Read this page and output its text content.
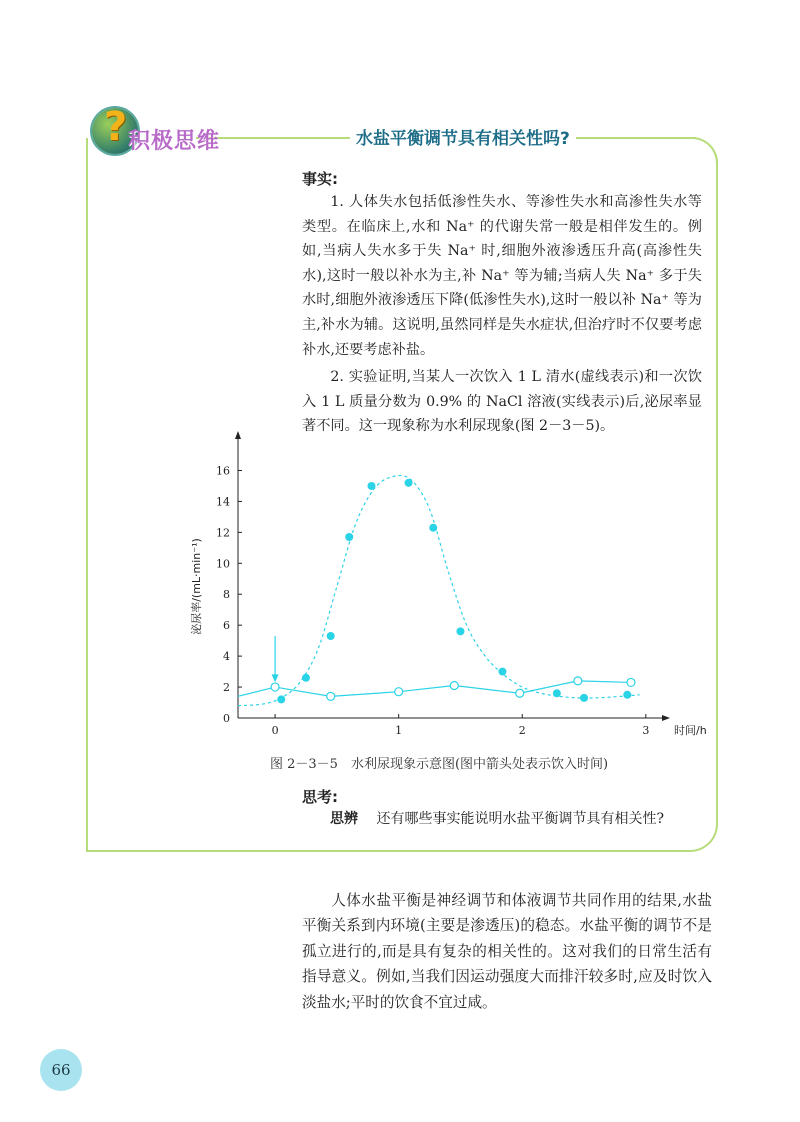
? 积极思维	水盐平衡调节具有相关性吗?
事实:

1. 人体失水包括低渗性失水、等渗性失水和高渗性失水等类型。在临床上,水和 Na⁺ 的代谢失常一般是相伴发生的。例如,当病人失水多于失 Na⁺ 时,细胞外液渗透压升高(高渗性失水),这时一般以补水为主,补 Na⁺ 等为辅;当病人失 Na⁺ 多于失水时,细胞外液渗透压下降(低渗性失水),这时一般以补 Na⁺ 等为主,补水为辅。这说明,虽然同样是失水症状,但治疗时不仅要考虑补水,还要考虑补盐。

2. 实验证明,当某人一次饮入 1 L 清水(虚线表示)和一次饮入 1 L 质量分数为 0.9% 的 NaCl 溶液(实线表示)后,泌尿率显著不同。这一现象称为水利尿现象(图 2－3－5)。

0
2
4
6
8
10
12
14
16
0	1	2	3 时间/h
泌尿率/(mL·min⁻¹)
图 2－3－5　水利尿现象示意图(图中箭头处表示饮入时间)
思考:
思辨 还有哪些事实能说明水盐平衡调节具有相关性?

人体水盐平衡是神经调节和体液调节共同作用的结果,水盐平衡关系到内环境(主要是渗透压)的稳态。水盐平衡的调节不是孤立进行的,而是具有复杂的相关性的。这对我们的日常生活有指导意义。例如,当我们因运动强度大而排汗较多时,应及时饮入淡盐水;平时的饮食不宜过咸。

66
